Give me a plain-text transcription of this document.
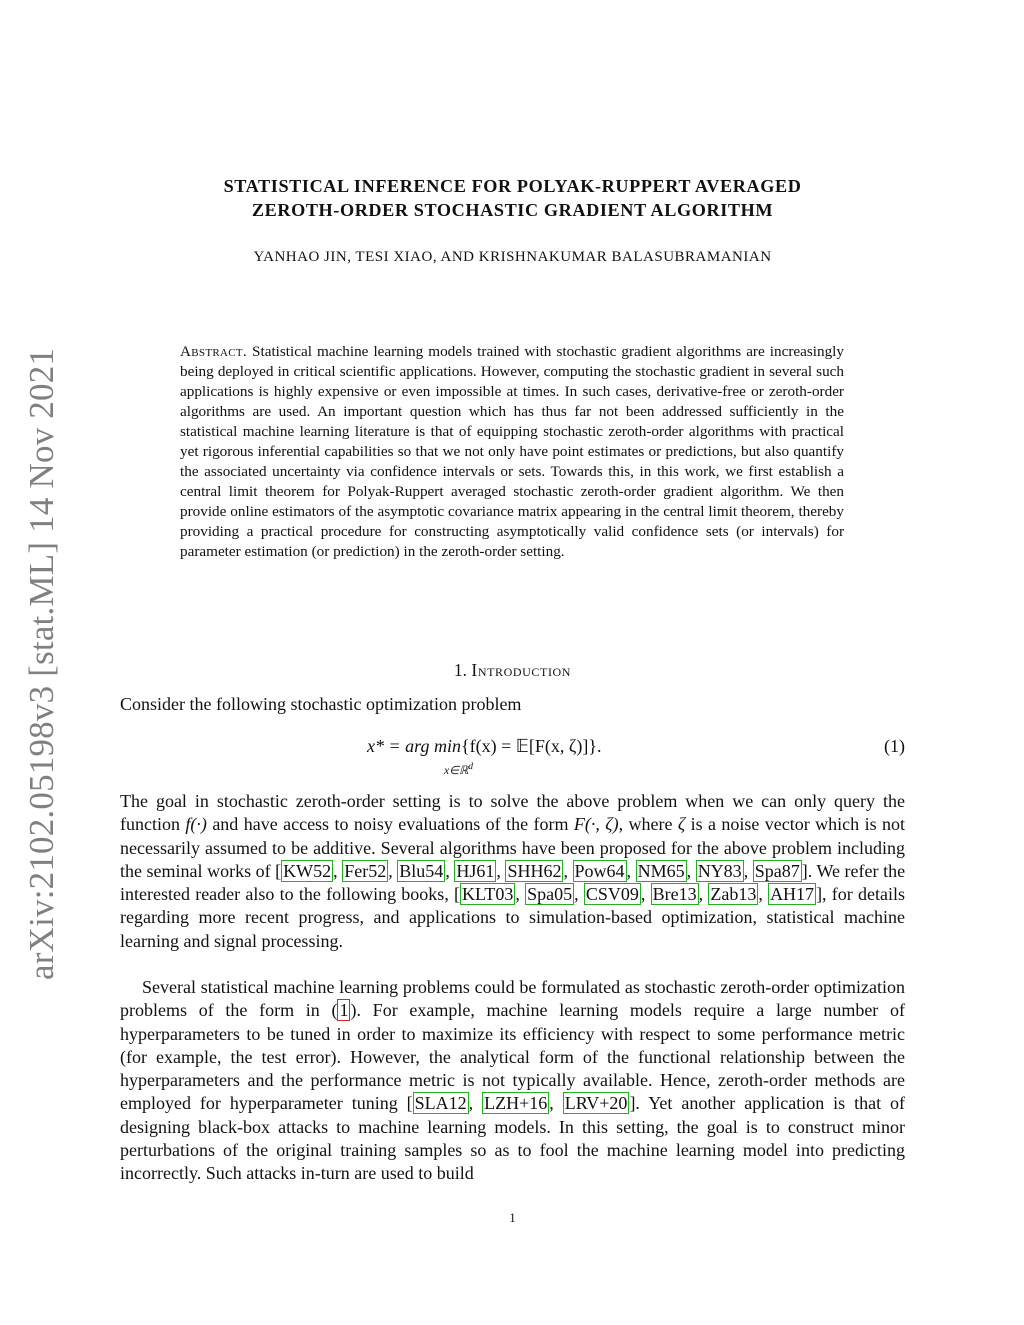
arXiv:2102.05198v3 [stat.ML] 14 Nov 2021
STATISTICAL INFERENCE FOR POLYAK-RUPPERT AVERAGED
ZEROTH-ORDER STOCHASTIC GRADIENT ALGORITHM
YANHAO JIN, TESI XIAO, AND KRISHNAKUMAR BALASUBRAMANIAN
Abstract. Statistical machine learning models trained with stochastic gradient algorithms are increasingly being deployed in critical scientific applications. However, computing the stochastic gradient in several such applications is highly expensive or even impossible at times. In such cases, derivative-free or zeroth-order algorithms are used. An important question which has thus far not been addressed sufficiently in the statistical machine learning literature is that of equipping stochastic zeroth-order algorithms with practical yet rigorous inferential capabilities so that we not only have point estimates or predictions, but also quantify the associated uncertainty via confidence intervals or sets. Towards this, in this work, we first establish a central limit theorem for Polyak-Ruppert averaged stochastic zeroth-order gradient algorithm. We then provide online estimators of the asymptotic covariance matrix appearing in the central limit theorem, thereby providing a practical procedure for constructing asymptotically valid confidence sets (or intervals) for parameter estimation (or prediction) in the zeroth-order setting.
1. Introduction
Consider the following stochastic optimization problem
x* = arg min{f(x) = 𝔼[F(x, ζ)]}.
x∈ℝ$^d$
(1)
The goal in stochastic zeroth-order setting is to solve the above problem when we can only query the function f(·) and have access to noisy evaluations of the form F(·, ζ), where ζ is a noise vector which is not necessarily assumed to be additive. Several algorithms have been proposed for the above problem including the seminal works of [ KW52 , Fer52 , Blu54 , HJ61 , SHH62 , Pow64 , NM65 , NY83 , Spa87 ]. We refer the interested reader also to the following books, [ KLT03 , Spa05 , CSV09 , Bre13 , Zab13 , AH17 ], for details regarding more recent progress, and applications to simulation-based optimization, statistical machine learning and signal processing.
Several statistical machine learning problems could be formulated as stochastic zeroth-order optimization problems of the form in ( 1 ). For example, machine learning models require a large number of hyperparameters to be tuned in order to maximize its efficiency with respect to some performance metric (for example, the test error). However, the analytical form of the functional relationship between the hyperparameters and the performance metric is not typically available. Hence, zeroth-order methods are employed for hyperparameter tuning [ SLA12 , LZH+16 , LRV+20 ]. Yet another application is that of designing black-box attacks to machine learning models. In this setting, the goal is to construct minor perturbations of the original training samples so as to fool the machine learning model into predicting incorrectly. Such attacks in-turn are used to build
1
